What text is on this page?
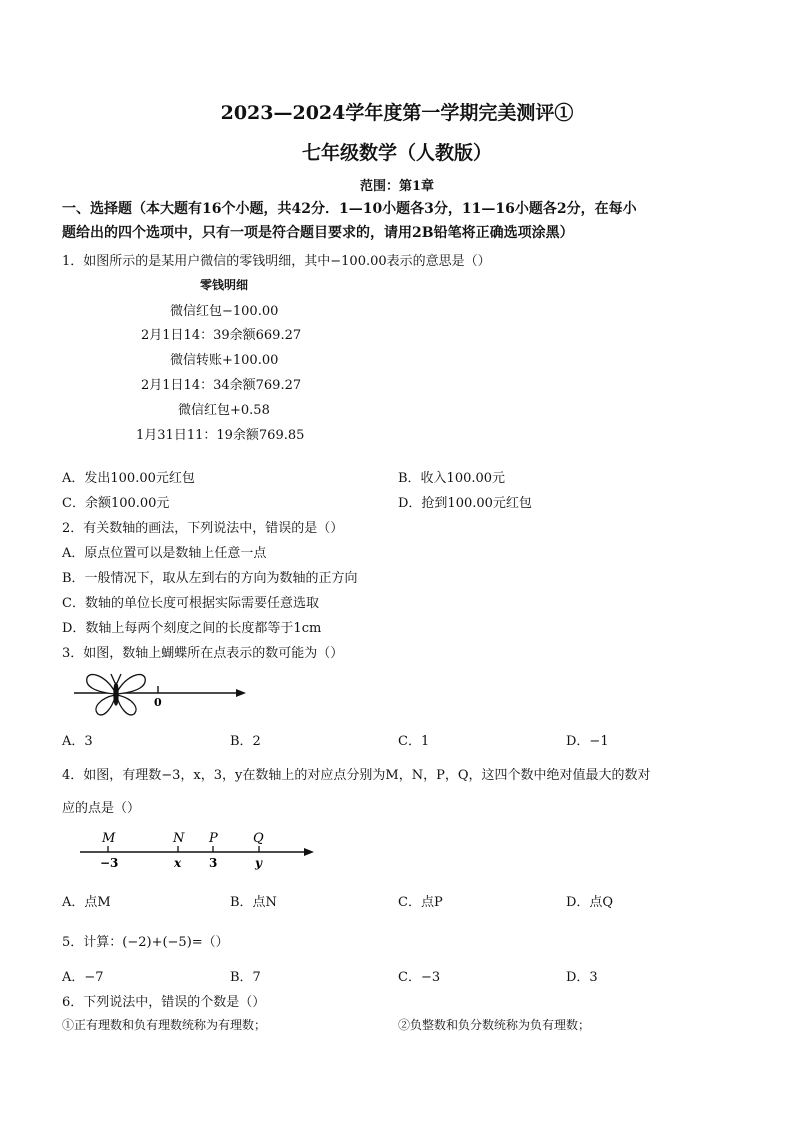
2023—2024学年度第一学期完美测评①
七年级数学（人教版）
范围：第1章
一、选择题（本大题有16个小题，共42分．1—10小题各3分，11—16小题各2分，在每小
题给出的四个选项中，只有一项是符合题目要求的，请用2B铅笔将正确选项涂黑）
1．如图所示的是某用户微信的零钱明细，其中−100.00表示的意思是（）
零钱明细
微信红包−100.00
2月1日14：39余额669.27
微信转账+100.00
2月1日14：34余额769.27
微信红包+0.58
1月31日11：19余额769.85
A．发出100.00元红包	B．收入100.00元
C．余额100.00元	D．抢到100.00元红包
2．有关数轴的画法，下列说法中，错误的是（）
A．原点位置可以是数轴上任意一点
B．一般情况下，取从左到右的方向为数轴的正方向
C．数轴的单位长度可根据实际需要任意选取
D．数轴上每两个刻度之间的长度都等于1cm
3．如图，数轴上蝴蝶所在点表示的数可能为（）
0
A．3	B．2	C．1	D．−1
4．如图，有理数−3，x，3，y在数轴上的对应点分别为M，N，P，Q，这四个数中绝对值最大的数对
应的点是（）
M	N P	Q
−3	x 3	y
A．点M	B．点N	C．点P	D．点Q
5．计算：(−2)+(−5)=（）
A．−7	B．7	C．−3	D．3
6．下列说法中，错误的个数是（）
①正有理数和负有理数统称为有理数；	②负整数和负分数统称为负有理数；
